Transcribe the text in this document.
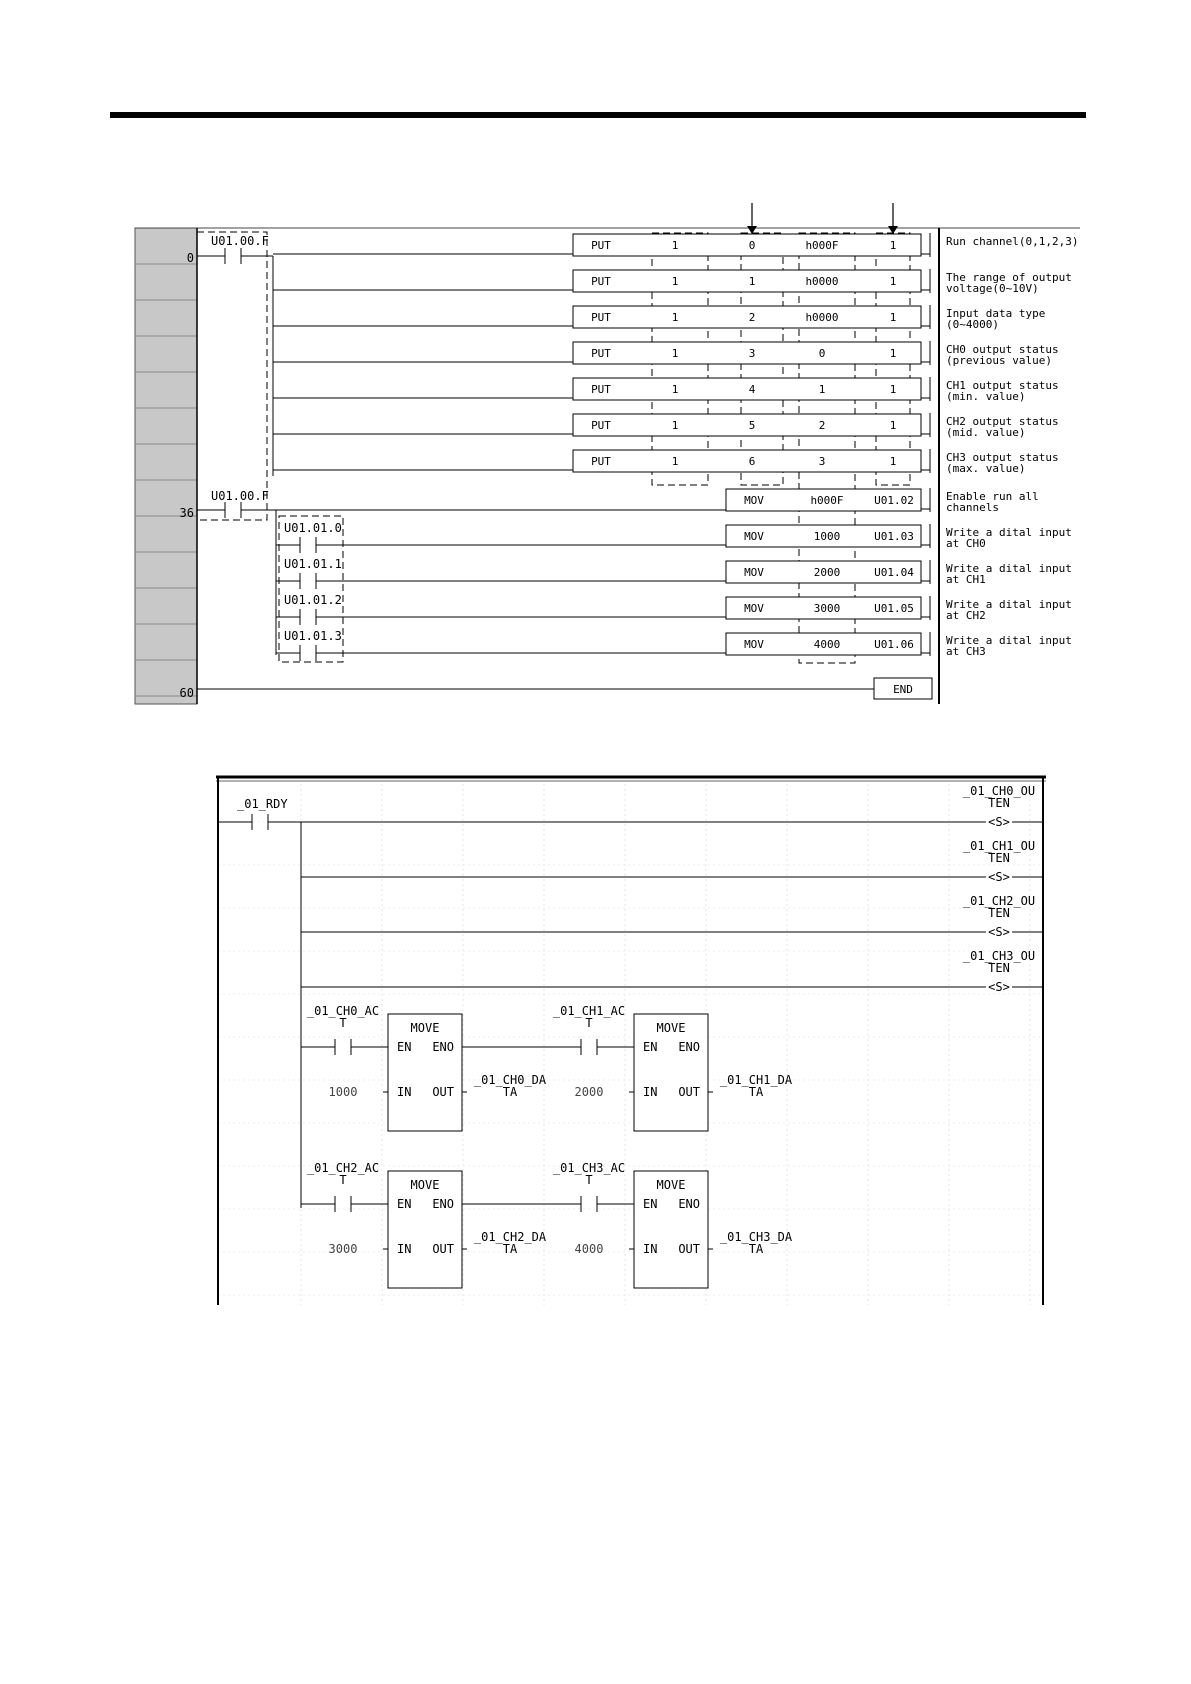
0
36
60
U01.00.F
U01.00.F
PUT	1	0	h000F	1	Run channel(0,1,2,3)
PUT	1	1	h0000	1	The range of output
voltage(0~10V)
PUT	1	2	h0000	1	Input data type
(0~4000)
PUT	1	3	0	1	CH0 output status
(previous value)
PUT	1	4	1	1	CH1 output status
(min. value)
PUT	1	5	2	1	CH2 output status
(mid. value)
PUT	1	6	3	1	CH3 output status
(max. value)
MOV	h000F	U01.02	Enable run all
channels
U01.01.0
MOV	1000	U01.03	Write a dital input
at CH0
U01.01.1
MOV	2000	U01.04	Write a dital input
at CH1
U01.01.2
MOV	3000	U01.05	Write a dital input
at CH2
U01.01.3
MOV	4000	U01.06	Write a dital input
at CH3
END
_01_RDY
_01_CH0_OU
TEN
<S>
_01_CH1_OU
TEN
<S>
_01_CH2_OU
TEN
<S>
_01_CH3_OU
TEN
<S>
_01_CH0_AC
T	MOVE
EN ENO
IN OUT
1000
_01_CH0_DA
TA
_01_CH1_AC
T	MOVE
EN ENO
IN OUT
2000
_01_CH1_DA
TA
_01_CH2_AC
T	MOVE
EN ENO
IN OUT
3000
_01_CH2_DA
TA
_01_CH3_AC
T	MOVE
EN ENO
IN OUT
4000
_01_CH3_DA
TA
